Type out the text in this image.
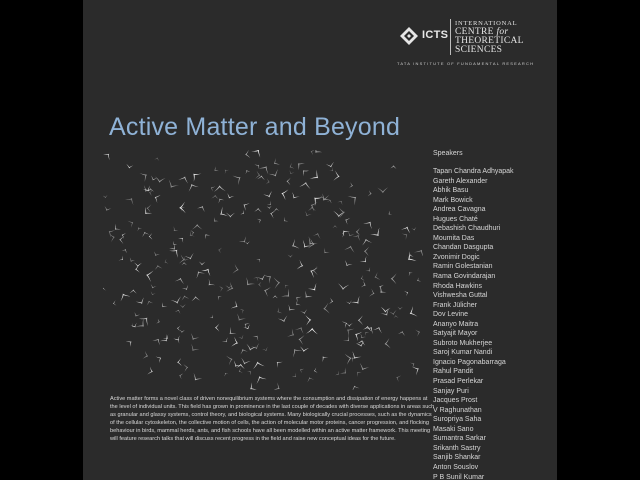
ICTS
INTERNATIONAL
CENTRE for
THEORETICAL
SCIENCES
TATA INSTITUTE OF FUNDAMENTAL RESEARCH
Active Matter and Beyond
Speakers
Tapan Chandra Adhyapak
Gareth Alexander
Abhik Basu
Mark Bowick
Andrea Cavagna
Hugues Chaté
Debashish Chaudhuri
Moumita Das
Chandan Dasgupta
Zvonimir Dogic
Ramin Golestanian
Rama Govindarajan
Rhoda Hawkins
Vishwesha Guttal
Frank Jülicher
Dov Levine
Ananyo Maitra
Satyajit Mayor
Subroto Mukherjee
Saroj Kumar Nandi
Ignacio Pagonabarraga
Rahul Pandit
Prasad Perlekar
Sanjay Puri
Jacques Prost
V Raghunathan
Suropriya Saha
Masaki Sano
Sumantra Sarkar
Srikanth Sastry
Sanjib Shankar
Anton Souslov
P B Sunil Kumar

Active matter forms a novel class of driven nonequilibrium systems where the consumption and dissipation of energy happens at the level of individual units. This field has grown in prominence in the last couple of decades with diverse applications in areas such as granular and glassy systems, control theory, and biological systems. Many biologically crucial processes, such as the dynamics of the cellular cytoskeleton, the collective motion of cells, the action of molecular motor proteins, cancer progression, and flocking behaviour in birds, mammal herds, ants, and fish schools have all been modelled within an active matter framework. This meeting will feature research talks that will discuss recent progress in the field and raise new conceptual ideas for the future.
